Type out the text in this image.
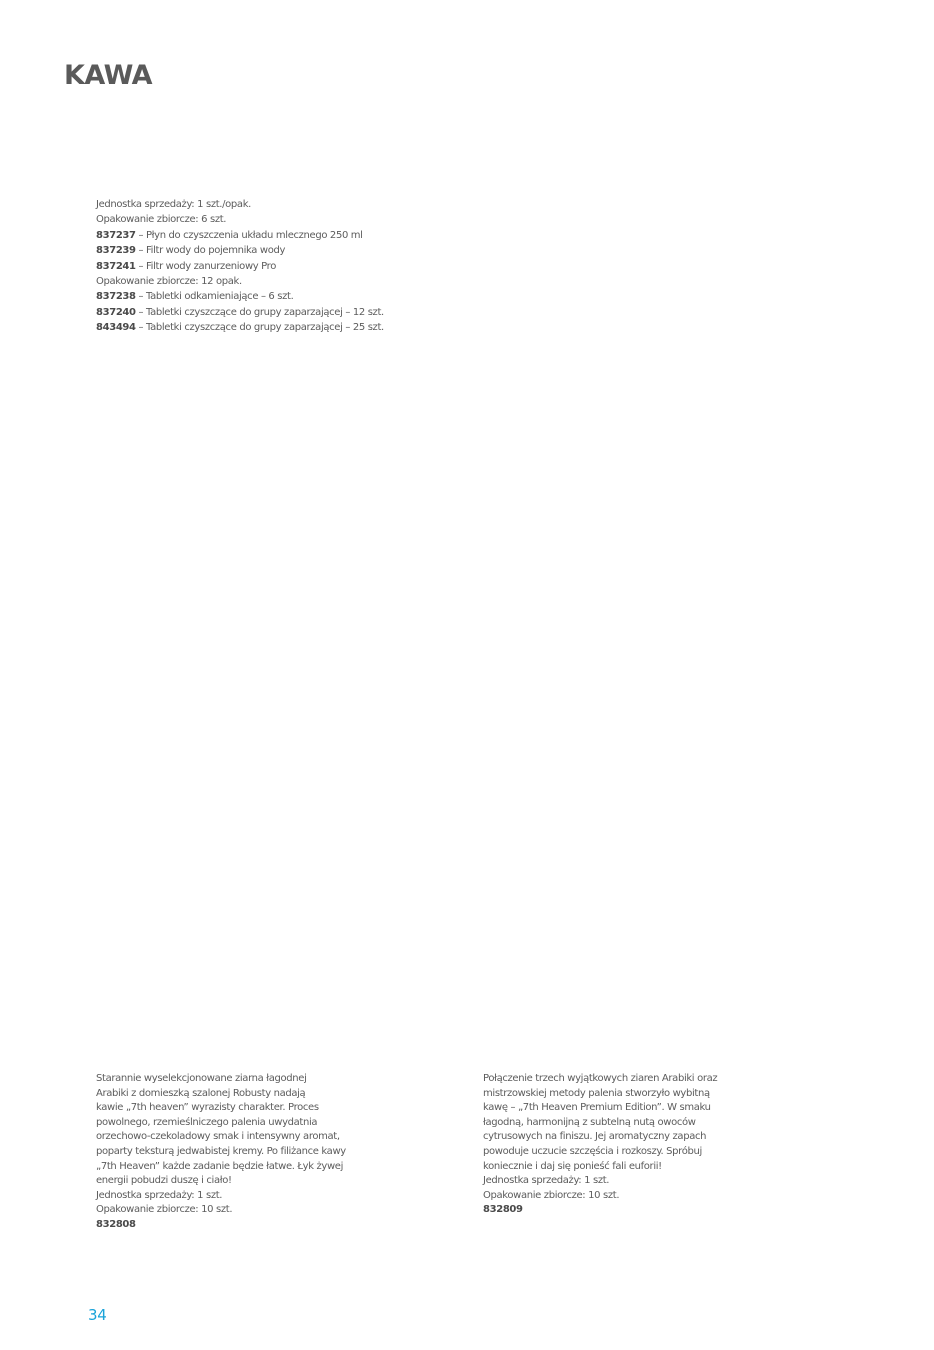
KAWA
Jednostka sprzedaży: 1 szt./opak.
Opakowanie zbiorcze: 6 szt.
837237 – Płyn do czyszczenia układu mlecznego 250 ml
837239 – Filtr wody do pojemnika wody
837241 – Filtr wody zanurzeniowy Pro
Opakowanie zbiorcze: 12 opak.
837238 – Tabletki odkamieniające – 6 szt.
837240 – Tabletki czyszczące do grupy zaparzającej – 12 szt.
843494 – Tabletki czyszczące do grupy zaparzającej – 25 szt.
Starannie wyselekcjonowane ziarna łagodnej
Arabiki z domieszką szalonej Robusty nadają
kawie „7th heaven” wyrazisty charakter. Proces
powolnego, rzemieślniczego palenia uwydatnia
orzechowo-czekoladowy smak i intensywny aromat,
poparty teksturą jedwabistej kremy. Po filiżance kawy
„7th Heaven” każde zadanie będzie łatwe. Łyk żywej
energii pobudzi duszę i ciało!
Jednostka sprzedaży: 1 szt.
Opakowanie zbiorcze: 10 szt.
832808
Połączenie trzech wyjątkowych ziaren Arabiki oraz
mistrzowskiej metody palenia stworzyło wybitną
kawę – „7th Heaven Premium Edition”. W smaku
łagodną, harmonijną z subtelną nutą owoców
cytrusowych na finiszu. Jej aromatyczny zapach
powoduje uczucie szczęścia i rozkoszy. Spróbuj
koniecznie i daj się ponieść fali euforii!
Jednostka sprzedaży: 1 szt.
Opakowanie zbiorcze: 10 szt.
832809
34
